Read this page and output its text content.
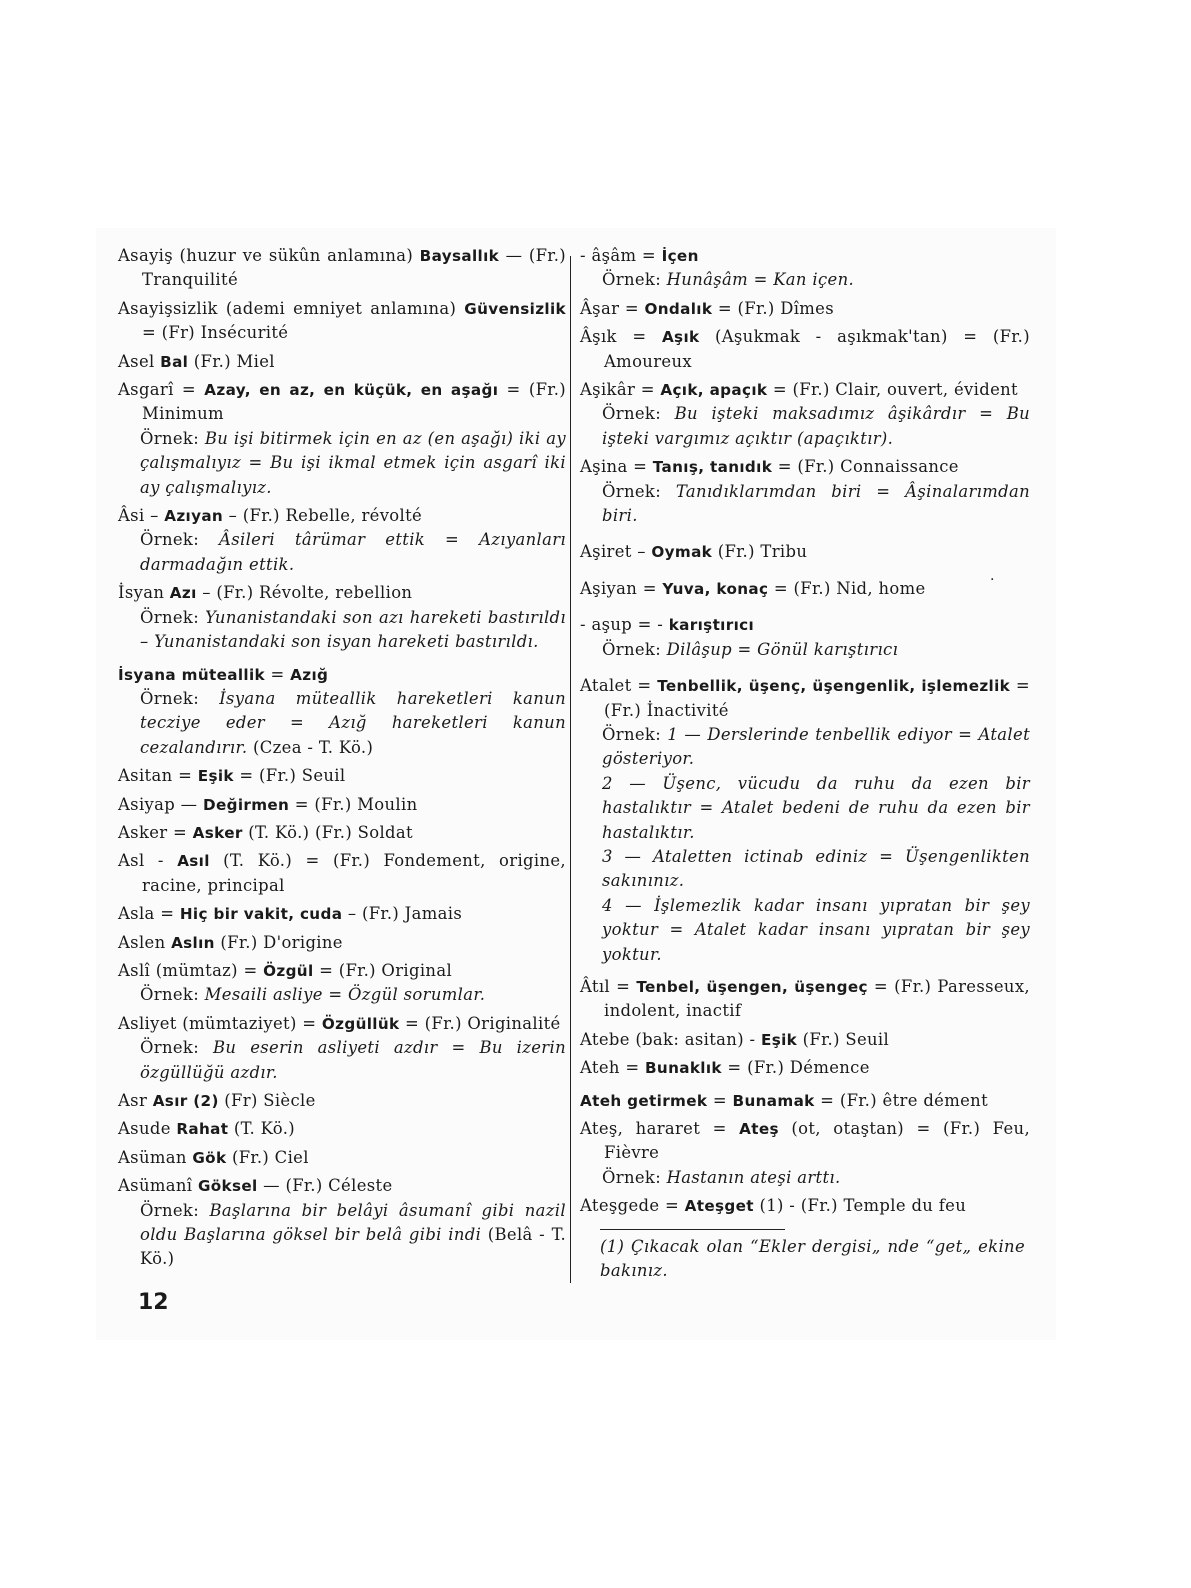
Asayiş (huzur ve sükûn anlamına) Baysallık — (Fr.) Tranquilité

Asayişsizlik (ademi emniyet anlamına) Güvensizlik = (Fr) Insécurité

Asel Bal (Fr.) Miel

Asgarî = Azay, en az, en küçük, en aşağı = (Fr.) Minimum

Örnek: Bu işi bitirmek için en az (en aşağı) iki ay çalışmalıyız = Bu işi ikmal etmek için asgarî iki ay çalışmalıyız.

Âsi – Azıyan – (Fr.) Rebelle, révolté

Örnek: Âsileri târümar ettik = Azıyanları darmadağın ettik.

İsyan Azı – (Fr.) Révolte, rebellion

Örnek: Yunanistandaki son azı hareketi bastırıldı – Yunanistandaki son isyan hareketi bastırıldı.

İsyana müteallik = Azığ

Örnek: İsyana müteallik hareketleri kanun tecziye eder = Azığ hareketleri kanun cezalandırır. (Czea - T. Kö.)

Asitan = Eşik = (Fr.) Seuil

Asiyap — Değirmen = (Fr.) Moulin

Asker = Asker (T. Kö.) (Fr.) Soldat

Asl - Asıl (T. Kö.) = (Fr.) Fondement, origine, racine, principal

Asla = Hiç bir vakit, cuda – (Fr.) Jamais

Aslen Aslın (Fr.) D'origine

Aslî (mümtaz) = Özgül = (Fr.) Original

Örnek: Mesaili asliye = Özgül sorumlar.

Asliyet (mümtaziyet) = Özgüllük = (Fr.) Originalité

Örnek: Bu eserin asliyeti azdır = Bu izerin özgüllüğü azdır.

Asr Asır (2) (Fr) Siècle

Asude Rahat (T. Kö.)

Asüman Gök (Fr.) Ciel

Asümanî Göksel — (Fr.) Céleste

Örnek: Başlarına bir belâyi âsumanî gibi nazil oldu Başlarına göksel bir belâ gibi indi (Belâ - T. Kö.)

- âşâm = İçen

Örnek: Hunâşâm = Kan içen.

Âşar = Ondalık = (Fr.) Dîmes

Âşık = Aşık (Aşukmak - aşıkmak'tan) = (Fr.) Amoureux

Aşikâr = Açık, apaçık = (Fr.) Clair, ouvert, évident

Örnek: Bu işteki maksadımız âşikârdır = Bu işteki vargımız açıktır (apaçıktır).

Aşina = Tanış, tanıdık = (Fr.) Connaissance

Örnek: Tanıdıklarımdan biri = Âşinalarımdan biri.

Aşiret – Oymak (Fr.) Tribu

Aşiyan = Yuva, konaç = (Fr.) Nid, home

- aşup = - karıştırıcı

Örnek: Dilâşup = Gönül karıştırıcı

Atalet = Tenbellik, üşenç, üşengenlik, işlemezlik = (Fr.) İnactivité

Örnek: 1 — Derslerinde tenbellik ediyor = Atalet gösteriyor.

2 — Üşenc, vücudu da ruhu da ezen bir hastalıktır = Atalet bedeni de ruhu da ezen bir hastalıktır.

3 — Ataletten ictinab ediniz = Üşengenlikten sakınınız.

4 — İşlemezlik kadar insanı yıpratan bir şey yoktur = Atalet kadar insanı yıpratan bir şey yoktur.

Âtıl = Tenbel, üşengen, üşengeç = (Fr.) Paresseux, indolent, inactif

Atebe (bak: asitan) - Eşik (Fr.) Seuil

Ateh = Bunaklık = (Fr.) Démence

Ateh getirmek = Bunamak = (Fr.) être dément

Ateş, hararet = Ateş (ot, otaştan) = (Fr.) Feu, Fièvre

Örnek: Hastanın ateşi arttı.

Ateşgede = Ateşget (1) - (Fr.) Temple du feu

.
(1) Çıkacak olan “Ekler dergisi„ nde “get„ ekine bakınız.
12
